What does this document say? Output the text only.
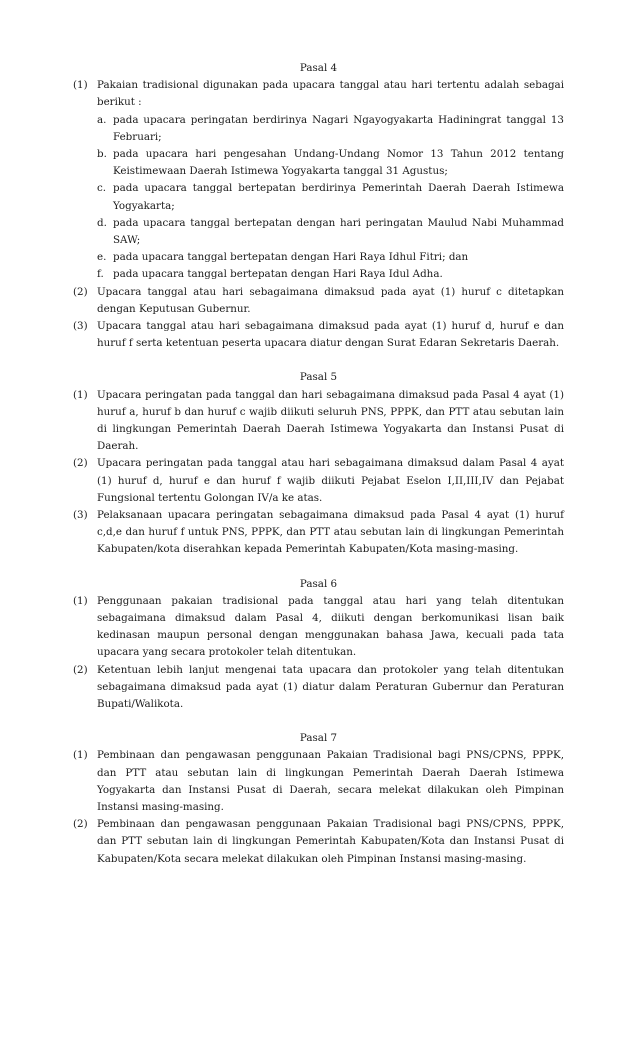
Pasal 4
(1) Pakaian tradisional digunakan pada upacara tanggal atau hari tertentu adalah sebagai berikut :
a. pada upacara peringatan berdirinya Nagari Ngayogyakarta Hadiningrat tanggal 13 Februari;
b. pada upacara hari pengesahan Undang-Undang Nomor 13 Tahun 2012 tentang Keistimewaan Daerah Istimewa Yogyakarta tanggal 31 Agustus;
c. pada upacara tanggal bertepatan berdirinya Pemerintah Daerah Daerah Istimewa Yogyakarta;
d. pada upacara tanggal bertepatan dengan hari peringatan Maulud Nabi Muhammad SAW;
e. pada upacara tanggal bertepatan dengan Hari Raya Idhul Fitri; dan
f. pada upacara tanggal bertepatan dengan Hari Raya Idul Adha.
(2) Upacara tanggal atau hari sebagaimana dimaksud pada ayat (1) huruf c ditetapkan dengan Keputusan Gubernur.
(3) Upacara tanggal atau hari sebagaimana dimaksud pada ayat (1) huruf d, huruf e dan huruf f serta ketentuan peserta upacara diatur dengan Surat Edaran Sekretaris Daerah.
Pasal 5
(1) Upacara peringatan pada tanggal dan hari sebagaimana dimaksud pada Pasal 4 ayat (1) huruf a, huruf b dan huruf c wajib diikuti seluruh PNS, PPPK, dan PTT atau sebutan lain di lingkungan Pemerintah Daerah Daerah Istimewa Yogyakarta dan Instansi Pusat di Daerah.
(2) Upacara peringatan pada tanggal atau hari sebagaimana dimaksud dalam Pasal 4 ayat (1) huruf d, huruf e dan huruf f wajib diikuti Pejabat Eselon I,II,III,IV dan Pejabat Fungsional tertentu Golongan IV/a ke atas.
(3) Pelaksanaan upacara peringatan sebagaimana dimaksud pada Pasal 4 ayat (1) huruf c,d,e dan huruf f untuk PNS, PPPK, dan PTT atau sebutan lain di lingkungan Pemerintah Kabupaten/kota diserahkan kepada Pemerintah Kabupaten/Kota masing-masing.
Pasal 6
(1) Penggunaan pakaian tradisional pada tanggal atau hari yang telah ditentukan sebagaimana dimaksud dalam Pasal 4, diikuti dengan berkomunikasi lisan baik kedinasan maupun personal dengan menggunakan bahasa Jawa, kecuali pada tata upacara yang secara protokoler telah ditentukan.
(2) Ketentuan lebih lanjut mengenai tata upacara dan protokoler yang telah ditentukan sebagaimana dimaksud pada ayat (1) diatur dalam Peraturan Gubernur dan Peraturan Bupati/Walikota.
Pasal 7
(1) Pembinaan dan pengawasan penggunaan Pakaian Tradisional bagi PNS/CPNS, PPPK, dan PTT atau sebutan lain di lingkungan Pemerintah Daerah Daerah Istimewa Yogyakarta dan Instansi Pusat di Daerah, secara melekat dilakukan oleh Pimpinan Instansi masing-masing.
(2) Pembinaan dan pengawasan penggunaan Pakaian Tradisional bagi PNS/CPNS, PPPK, dan PTT sebutan lain di lingkungan Pemerintah Kabupaten/Kota dan Instansi Pusat di Kabupaten/Kota secara melekat dilakukan oleh Pimpinan Instansi masing-masing.
